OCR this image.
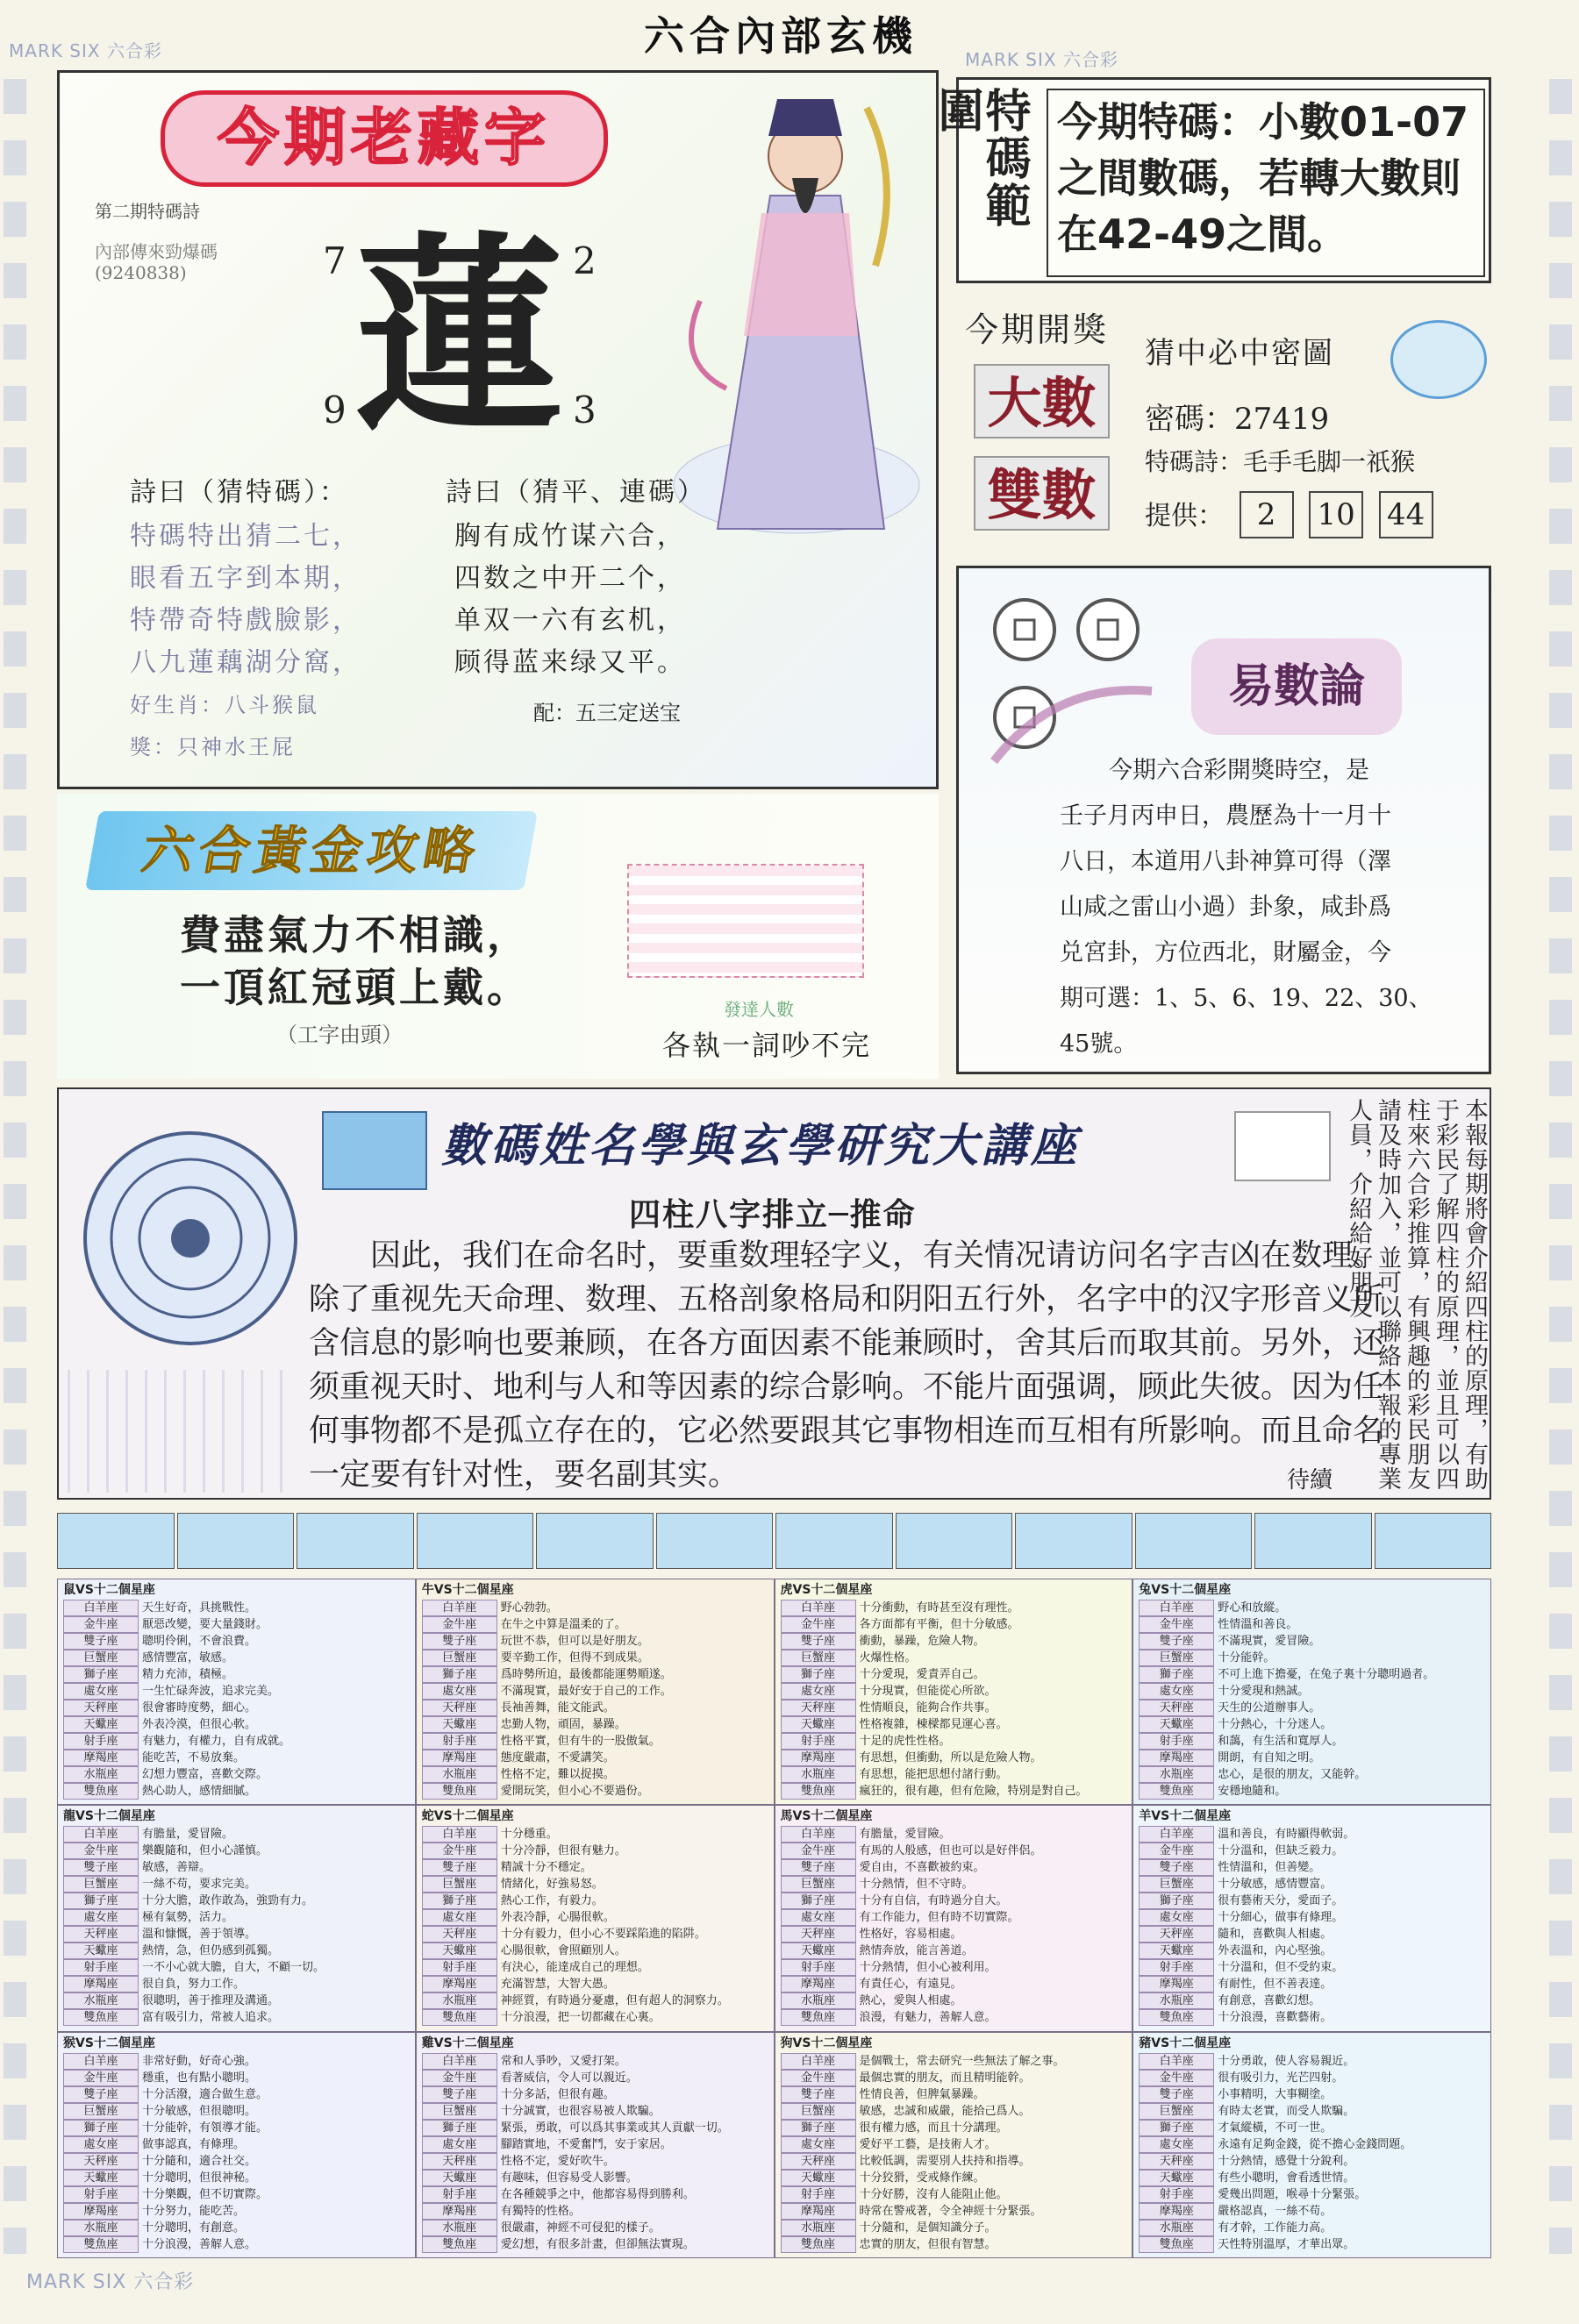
MARK SIX 六合彩	MARK SIX 六合彩
MARK SIX 六合彩
六合內部玄機
今期老藏字
第二期特碼詩
內部傳來勁爆碼
(9240838) 蓮
7	2
9	3
詩曰（猜特碼）：
特碼特出猜二七，
眼看五字到本期，
特帶奇特戲臉影，
八九蓮藕湖分窩，
好生肖：八斗猴鼠
獎：只神水王屁
詩曰（猜平、連碼）
胸有成竹谋六合，
四数之中开二个，
单双一六有玄机，
顾得蓝来绿又平。
配：五三定送宝
特碼範圍	今期特碼：小數01-07之間數碼，若轉大數則在42-49之間。
今期開獎
大數
雙數
猜中必中密圖
密碼：27419
特碼詩：毛手毛脚一祇猴
提供： 2 10 44
易數論
今期六合彩開獎時空，是
壬子月丙申日，農歷為十一月十
八日，本道用八卦神算可得（澤
山咸之雷山小過）卦象，咸卦爲
兑宮卦，方位西北，財屬金，今
期可選：1、5、6、19、22、30、
45號。
六合黃金攻略
費盡氣力不相識，
一頂紅冠頭上戴。
（工字由頭）
發達人數
各執一詞吵不完
數碼姓名學與玄學研究大講座
四柱八字排立─推命
因此，我们在命名时，要重数理轻字义，有关情况请访问名字吉凶在数理。除了重视先天命理、数理、五格剖象格局和阴阳五行外，名字中的汉字形音义所含信息的影响也要兼顾，在各方面因素不能兼顾时，舍其后而取其前。另外，还须重视天时、地利与人和等因素的综合影响。不能片面强调，顾此失彼。因为任何事物都不是孤立存在的，它必然要跟其它事物相连而互相有所影响。而且命名一定要有针对性，要名副其实。	待續	本報每期將會介紹四柱的原理，有助于彩民了解四柱的原理，並且可以四柱來六合彩推算，有興趣的彩民朋友請及時加入，並可以聯絡本報的專業人員，介紹給好朋友
鼠VS十二個星座
白羊座 天生好奇，具挑戰性。
金牛座 厭惡改變，要大量錢財。
雙子座 聰明伶俐，不會浪費。
巨蟹座 感情豐富，敏感。
獅子座 精力充沛，積極。
處女座 一生忙碌奔波，追求完美。
天秤座 很會審時度勢，細心。
天蠍座 外表冷漠，但很心軟。
射手座 有魅力，有權力，自有成就。
摩羯座 能吃苦，不易放棄。
水瓶座 幻想力豐富，喜歡交際。
雙魚座 熱心助人，感情細膩。
牛VS十二個星座
白羊座 野心勃勃。
金牛座 在牛之中算是溫柔的了。
雙子座 玩世不恭，但可以是好朋友。
巨蟹座 要辛勤工作，但得不到成果。
獅子座 爲時勢所迫，最後都能運勢順遂。
處女座 不滿現實，最好安于自己的工作。
天秤座 長袖善舞，能文能武。
天蠍座 忠勤人物，頑固，暴躁。
射手座 性格平實，但有牛的一股傲氣。
摩羯座 態度嚴肅，不愛講笑。
水瓶座 性格不定，難以捉摸。
雙魚座 愛開玩笑，但小心不要過份。
虎VS十二個星座
白羊座 十分衝動，有時甚至沒有理性。
金牛座 各方面都有平衡，但十分敏感。
雙子座 衝動，暴躁，危險人物。
巨蟹座 火爆性格。
獅子座 十分愛現，愛責弄自己。
處女座 十分現實，但能從心所欲。
天秤座 性情順良，能夠合作共事。
天蠍座 性格複雜，棟樑都見運心喜。
射手座 十足的虎性性格。
摩羯座 有思想，但衝動，所以是危險人物。
水瓶座 有思想，能把思想付諸行動。
雙魚座 瘋狂的，很有趣，但有危險，特別是對自己。
兔VS十二個星座
白羊座 野心和放縱。
金牛座 性情溫和善良。
雙子座 不滿現實，愛冒險。
巨蟹座 十分能幹。
獅子座 不可上進下擔憂，在兔子裏十分聰明過者。
處女座 十分愛現和熱誠。
天秤座 天生的公道辦事人。
天蠍座 十分熱心，十分迷人。
射手座 和藹，有生活和寬厚人。
摩羯座 開朗，有自知之明。
水瓶座 忠心，是很的朋友，又能幹。
雙魚座 安穩地隨和。
龍VS十二個星座
白羊座 有膽量，愛冒險。
金牛座 樂觀隨和，但小心謹慎。
雙子座 敏感，善辯。
巨蟹座 一絲不苟，要求完美。
獅子座 十分大膽，敢作敢為，強勁有力。
處女座 極有氣勢，活力。
天秤座 溫和慷慨，善于領導。
天蠍座 熱情，急，但仍感到孤獨。
射手座 一不小心就大膽，自大，不顧一切。
摩羯座 很自負，努力工作。
水瓶座 很聰明，善于推理及溝通。
雙魚座 富有吸引力，常被人追求。
蛇VS十二個星座
白羊座 十分穩重。
金牛座 十分冷靜，但很有魅力。
雙子座 精誠十分不穩定。
巨蟹座 情緒化，好強易怒。
獅子座 熱心工作，有毅力。
處女座 外表冷靜，心腸很軟。
天秤座 十分有毅力，但小心不要踩陷進的陷阱。
天蠍座 心腸很軟，會照顧別人。
射手座 有決心，能達成自己的理想。
摩羯座 充滿智慧，大智大愚。
水瓶座 神經質，有時過分憂慮，但有超人的洞察力。
雙魚座 十分浪漫，把一切都藏在心裏。
馬VS十二個星座
白羊座 有膽量，愛冒險。
金牛座 有馬的人般感，但也可以是好伴侶。
雙子座 愛自由，不喜歡被約束。
巨蟹座 十分熱情，但不守時。
獅子座 十分有自信，有時過分自大。
處女座 有工作能力，但有時不切實際。
天秤座 性格好，容易相處。
天蠍座 熱情奔放，能言善道。
射手座 十分熱情，但小心被利用。
摩羯座 有責任心，有遠見。
水瓶座 熱心，愛與人相處。
雙魚座 浪漫，有魅力，善解人意。
羊VS十二個星座
白羊座 溫和善良，有時顯得軟弱。
金牛座 十分溫和，但缺乏毅力。
雙子座 性情溫和，但善變。
巨蟹座 十分敏感，感情豐富。
獅子座 很有藝術天分，愛面子。
處女座 十分細心，做事有條理。
天秤座 隨和，喜歡與人相處。
天蠍座 外表溫和，內心堅強。
射手座 十分溫和，但不受約束。
摩羯座 有耐性，但不善表達。
水瓶座 有創意，喜歡幻想。
雙魚座 十分浪漫，喜歡藝術。
猴VS十二個星座
白羊座 非常好動，好奇心強。
金牛座 穩重，也有點小聰明。
雙子座 十分活潑，適合做生意。
巨蟹座 十分敏感，但很聰明。
獅子座 十分能幹，有領導才能。
處女座 做事認真，有條理。
天秤座 十分隨和，適合社交。
天蠍座 十分聰明，但很神秘。
射手座 十分樂觀，但不切實際。
摩羯座 十分努力，能吃苦。
水瓶座 十分聰明，有創意。
雙魚座 十分浪漫，善解人意。
雞VS十二個星座
白羊座 常和人爭吵，又愛打架。
金牛座 看著威信，令人可以親近。
雙子座 十分多話，但很有趣。
巨蟹座 十分誠實，也很容易被人欺騙。
獅子座 緊張，勇敢，可以爲其事業或其人貢獻一切。
處女座 腳踏實地，不愛奮鬥，安于家居。
天秤座 性格不定，愛好吹牛。
天蠍座 有趣味，但容易受人影響。
射手座 在各種競爭之中，他都容易得到勝利。
摩羯座 有獨特的性格。
水瓶座 很嚴肅，神經不可侵犯的樣子。
雙魚座 愛幻想，有很多計畫，但卻無法實現。
狗VS十二個星座
白羊座 是個戰士，常去研究一些無法了解之事。
金牛座 最個忠實的朋友，而且精明能幹。
雙子座 性情良善，但脾氣暴躁。
巨蟹座 敏感，忠誠和威嚴，能拾己爲人。
獅子座 很有權力感，而且十分講理。
處女座 愛好平工藝，是技術人才。
天秤座 比較低調，需要別人扶持和指導。
天蠍座 十分狡猾，受戒條作練。
射手座 十分好勝，沒有人能阻止他。
摩羯座 時常在警戒著，令全神經十分緊張。
水瓶座 十分隨和，是個知識分子。
雙魚座 忠實的朋友，但很有智慧。
豬VS十二個星座
白羊座 十分勇敢，使人容易親近。
金牛座 很有吸引力，光芒四射。
雙子座 小事精明，大事糊塗。
巨蟹座 有時太老實，而受人欺騙。
獅子座 才氣縱橫，不可一世。
處女座 永遠有足夠金錢，從不擔心金錢問題。
天秤座 十分熱情，感覺十分銳利。
天蠍座 有些小聰明，會看透世情。
射手座 愛幾出問題，喉尋十分緊張。
摩羯座 嚴格認真，一絲不苟。
水瓶座 有才幹，工作能力高。
雙魚座 天性特別溫厚，才華出眾。
